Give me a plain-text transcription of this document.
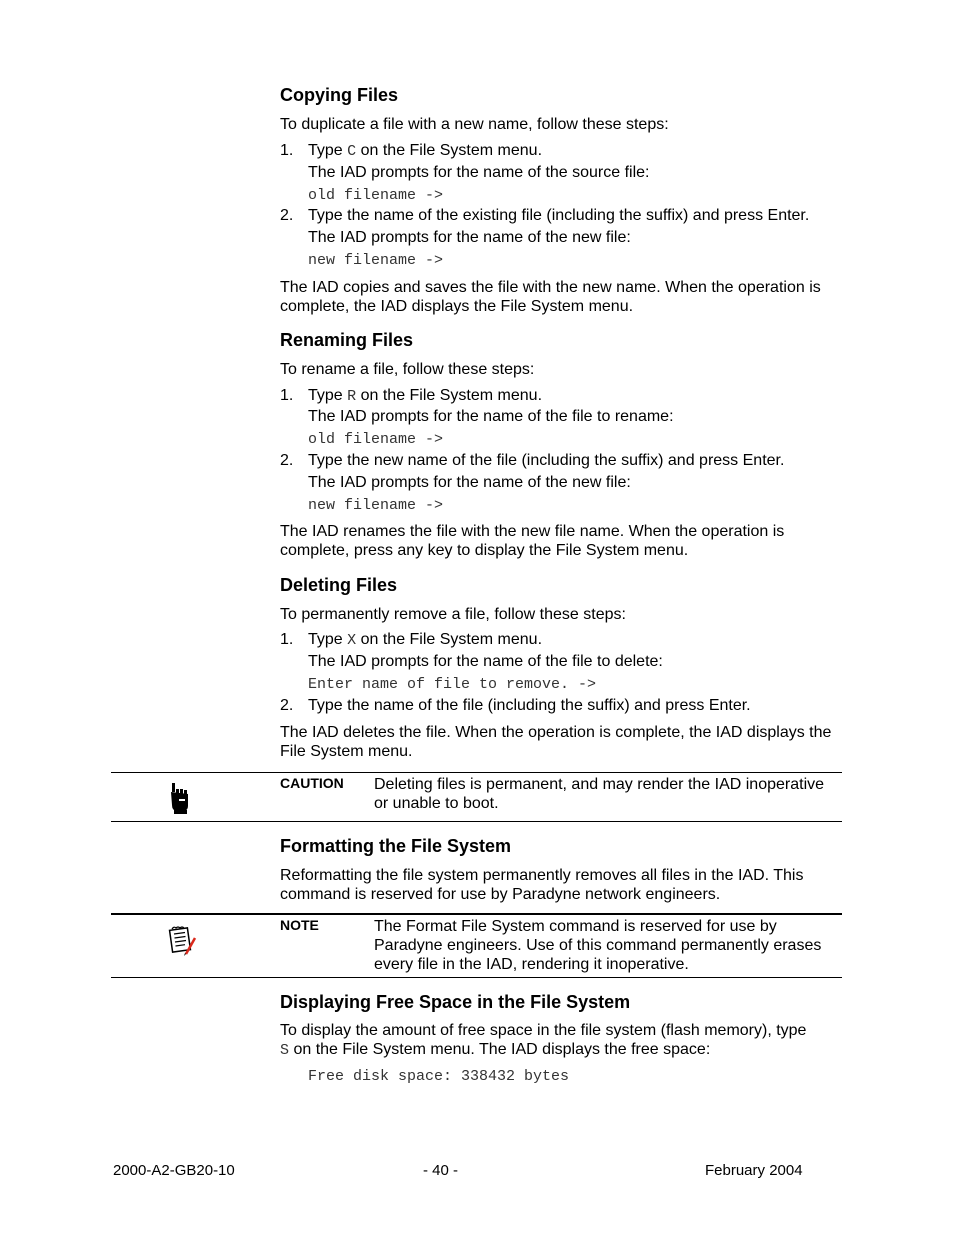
Copying Files
To duplicate a file with a new name, follow these steps:
1. Type C on the File System menu.
The IAD prompts for the name of the source file:
old filename ->
2. Type the name of the existing file (including the suffix) and press Enter.
The IAD prompts for the name of the new file:
new filename ->
The IAD copies and saves the file with the new name. When the operation is complete, the IAD displays the File System menu.
Renaming Files
To rename a file, follow these steps:
1. Type R on the File System menu.
The IAD prompts for the name of the file to rename:
old filename ->
2. Type the new name of the file (including the suffix) and press Enter.
The IAD prompts for the name of the new file:
new filename ->
The IAD renames the file with the new file name. When the operation is complete, press any key to display the File System menu.
Deleting Files
To permanently remove a file, follow these steps:
1. Type X on the File System menu.
The IAD prompts for the name of the file to delete:
Enter name of file to remove. ->
2. Type the name of the file (including the suffix) and press Enter.
The IAD deletes the file. When the operation is complete, the IAD displays the File System menu.
CAUTION Deleting files is permanent, and may render the IAD inoperative or unable to boot.
Formatting the File System
Reformatting the file system permanently removes all files in the IAD. This command is reserved for use by Paradyne network engineers.
NOTE	The Format File System command is reserved for use by Paradyne engineers. Use of this command permanently erases every file in the IAD, rendering it inoperative.
Displaying Free Space in the File System
To display the amount of free space in the file system (flash memory), type
S on the File System menu. The IAD displays the free space:
Free disk space: 338432 bytes
2000-A2-GB20-10	- 40 -	February 2004
